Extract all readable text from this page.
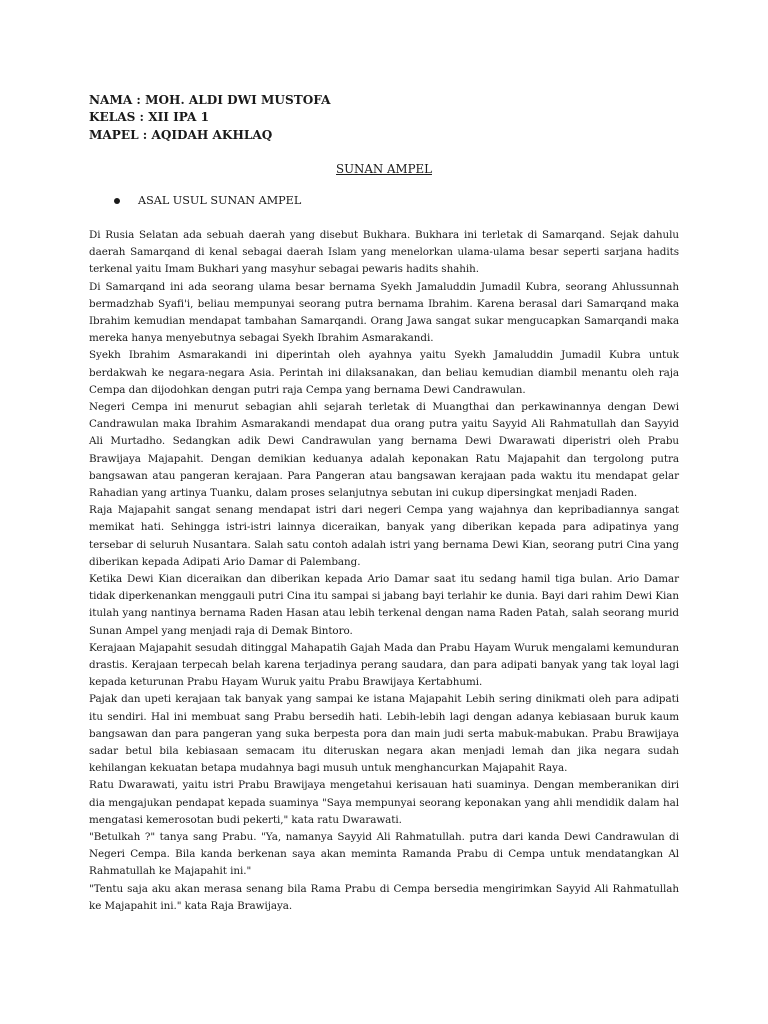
NAMA : MOH. ALDI DWI MUSTOFA
KELAS : XII IPA 1
MAPEL : AQIDAH AKHLAQ
SUNAN AMPEL
ASAL USUL SUNAN AMPEL

Di Rusia Selatan ada sebuah daerah yang disebut Bukhara. Bukhara ini terletak di Samarqand. Sejak dahulu daerah Samarqand di kenal sebagai daerah Islam yang menelorkan ulama-ulama besar seperti sarjana hadits terkenal yaitu Imam Bukhari yang masyhur sebagai pewaris hadits shahih.

Di Samarqand ini ada seorang ulama besar bernama Syekh Jamaluddin Jumadil Kubra, seorang Ahlussunnah bermadzhab Syafi'i, beliau mempunyai seorang putra bernama Ibrahim. Karena berasal dari Samarqand maka Ibrahim kemudian mendapat tambahan Samarqandi. Orang Jawa sangat sukar mengucapkan Samarqandi maka mereka hanya menyebutnya sebagai Syekh Ibrahim Asmarakandi.

Syekh Ibrahim Asmarakandi ini diperintah oleh ayahnya yaitu Syekh Jamaluddin Jumadil Kubra untuk berdakwah ke negara-negara Asia. Perintah ini dilaksanakan, dan beliau kemudian diambil menantu oleh raja Cempa dan dijodohkan dengan putri raja Cempa yang bernama Dewi Candrawulan.

Negeri Cempa ini menurut sebagian ahli sejarah terletak di Muangthai dan perkawinannya dengan Dewi Candrawulan maka Ibrahim Asmarakandi mendapat dua orang putra yaitu Sayyid Ali Rahmatullah dan Sayyid Ali Murtadho. Sedangkan adik Dewi Candrawulan yang bernama Dewi Dwarawati diperistri oleh Prabu Brawijaya Majapahit. Dengan demikian keduanya adalah keponakan Ratu Majapahit dan tergolong putra bangsawan atau pangeran kerajaan. Para Pangeran atau bangsawan kerajaan pada waktu itu mendapat gelar Rahadian yang artinya Tuanku, dalam proses selanjutnya sebutan ini cukup dipersingkat menjadi Raden.

Raja Majapahit sangat senang mendapat istri dari negeri Cempa yang wajahnya dan kepribadiannya sangat memikat hati. Sehingga istri-istri lainnya diceraikan, banyak yang diberikan kepada para adipatinya yang tersebar di seluruh Nusantara. Salah satu contoh adalah istri yang bernama Dewi Kian, seorang putri Cina yang diberikan kepada Adipati Ario Damar di Palembang.

Ketika Dewi Kian diceraikan dan diberikan kepada Ario Damar saat itu sedang hamil tiga bulan. Ario Damar tidak diperkenankan menggauli putri Cina itu sampai si jabang bayi terlahir ke dunia. Bayi dari rahim Dewi Kian itulah yang nantinya bernama Raden Hasan atau lebih terkenal dengan nama Raden Patah, salah seorang murid Sunan Ampel yang menjadi raja di Demak Bintoro.

Kerajaan Majapahit sesudah ditinggal Mahapatih Gajah Mada dan Prabu Hayam Wuruk mengalami kemunduran drastis. Kerajaan terpecah belah karena terjadinya perang saudara, dan para adipati banyak yang tak loyal lagi kepada keturunan Prabu Hayam Wuruk yaitu Prabu Brawijaya Kertabhumi.

Pajak dan upeti kerajaan tak banyak yang sampai ke istana Majapahit Lebih sering dinikmati oleh para adipati itu sendiri. Hal ini membuat sang Prabu bersedih hati. Lebih-lebih lagi dengan adanya kebiasaan buruk kaum bangsawan dan para pangeran yang suka berpesta pora dan main judi serta mabuk-mabukan. Prabu Brawijaya sadar betul bila kebiasaan semacam itu diteruskan negara akan menjadi lemah dan jika negara sudah kehilangan kekuatan betapa mudahnya bagi musuh untuk menghancurkan Majapahit Raya.

Ratu Dwarawati, yaitu istri Prabu Brawijaya mengetahui kerisauan hati suaminya. Dengan memberanikan diri dia mengajukan pendapat kepada suaminya "Saya mempunyai seorang keponakan yang ahli mendidik dalam hal mengatasi kemerosotan budi pekerti," kata ratu Dwarawati.

"Betulkah ?" tanya sang Prabu. "Ya, namanya Sayyid Ali Rahmatullah. putra dari kanda Dewi Candrawulan di Negeri Cempa. Bila kanda berkenan saya akan meminta Ramanda Prabu di Cempa untuk mendatangkan Al Rahmatullah ke Majapahit ini."

"Tentu saja aku akan merasa senang bila Rama Prabu di Cempa bersedia mengirimkan Sayyid Ali Rahmatullah ke Majapahit ini." kata Raja Brawijaya.
